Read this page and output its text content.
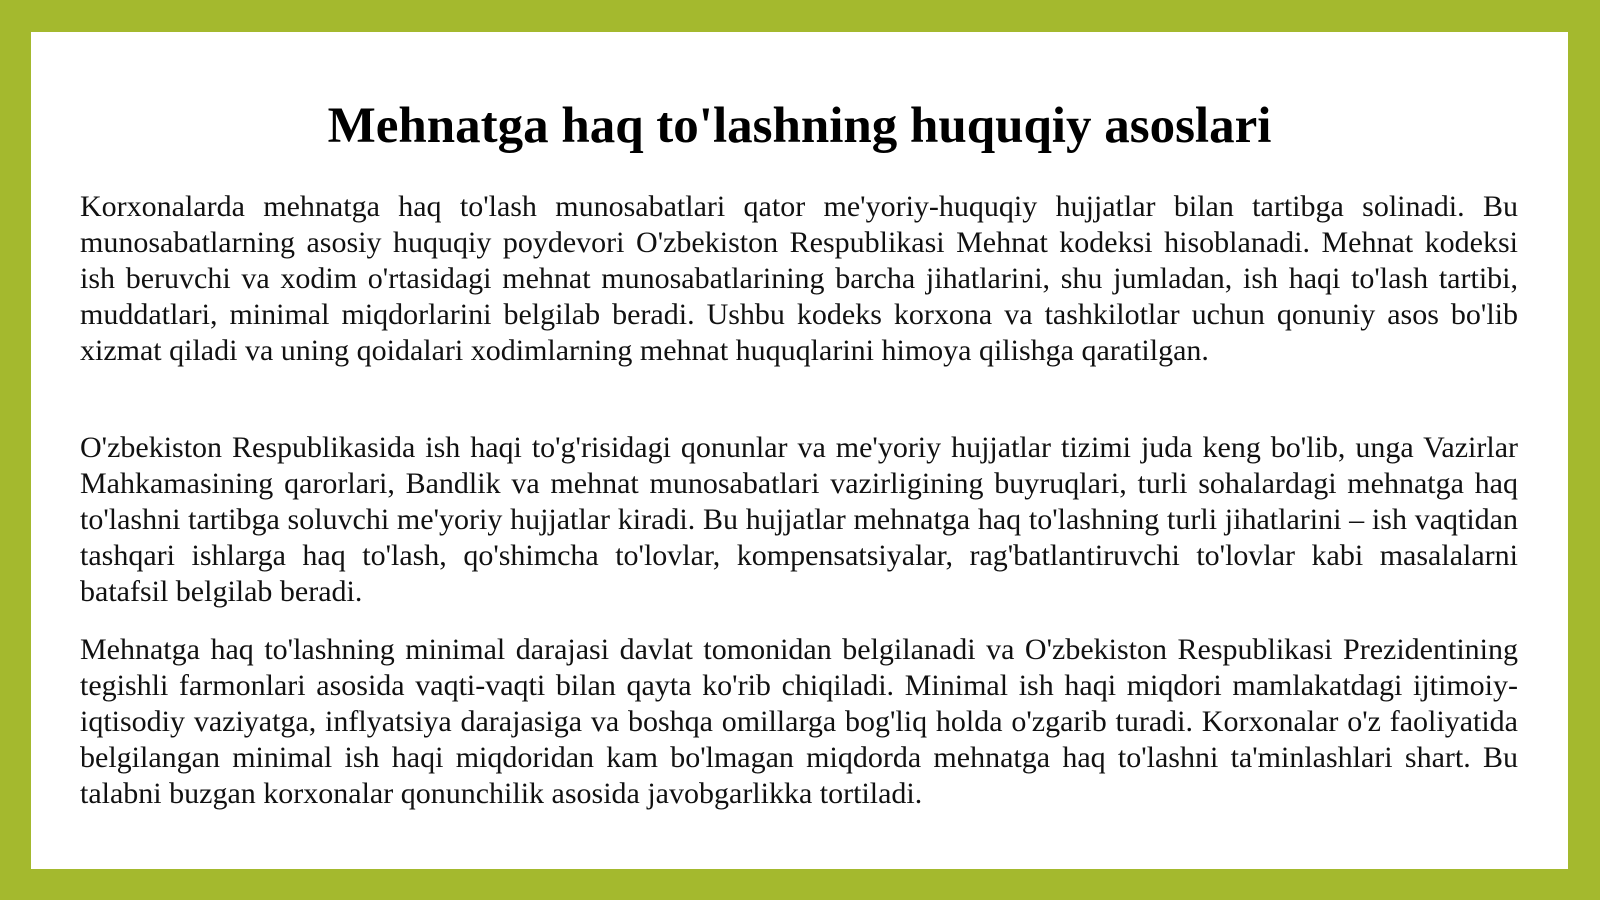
Mehnatga haq to'lashning huquqiy asoslari

Korxonalarda mehnatga haq to'lash munosabatlari qator me'yoriy-huquqiy hujjatlar bilan tartibga solinadi. Bu munosabatlarning asosiy huquqiy poydevori O'zbekiston Respublikasi Mehnat kodeksi hisoblanadi. Mehnat kodeksi ish beruvchi va xodim o'rtasidagi mehnat munosabatlarining barcha jihatlarini, shu jumladan, ish haqi to'lash tartibi, muddatlari, minimal miqdorlarini belgilab beradi. Ushbu kodeks korxona va tashkilotlar uchun qonuniy asos bo'lib xizmat qiladi va uning qoidalari xodimlarning mehnat huquqlarini himoya qilishga qaratilgan.

O'zbekiston Respublikasida ish haqi to'g'risidagi qonunlar va me'yoriy hujjatlar tizimi juda keng bo'lib, unga Vazirlar Mahkamasining qarorlari, Bandlik va mehnat munosabatlari vazirligining buyruqlari, turli sohalardagi mehnatga haq to'lashni tartibga soluvchi me'yoriy hujjatlar kiradi. Bu hujjatlar mehnatga haq to'lashning turli jihatlarini – ish vaqtidan tashqari ishlarga haq to'lash, qo'shimcha to'lovlar, kompensatsiyalar, rag'batlantiruvchi to'lovlar kabi masalalarni batafsil belgilab beradi.

Mehnatga haq to'lashning minimal darajasi davlat tomonidan belgilanadi va O'zbekiston Respublikasi Prezidentining tegishli farmonlari asosida vaqti-vaqti bilan qayta ko'rib chiqiladi. Minimal ish haqi miqdori mamlakatdagi ijtimoiy-iqtisodiy vaziyatga, inflyatsiya darajasiga va boshqa omillarga bog'liq holda o'zgarib turadi. Korxonalar o'z faoliyatida belgilangan minimal ish haqi miqdoridan kam bo'lmagan miqdorda mehnatga haq to'lashni ta'minlashlari shart. Bu talabni buzgan korxonalar qonunchilik asosida javobgarlikka tortiladi.
